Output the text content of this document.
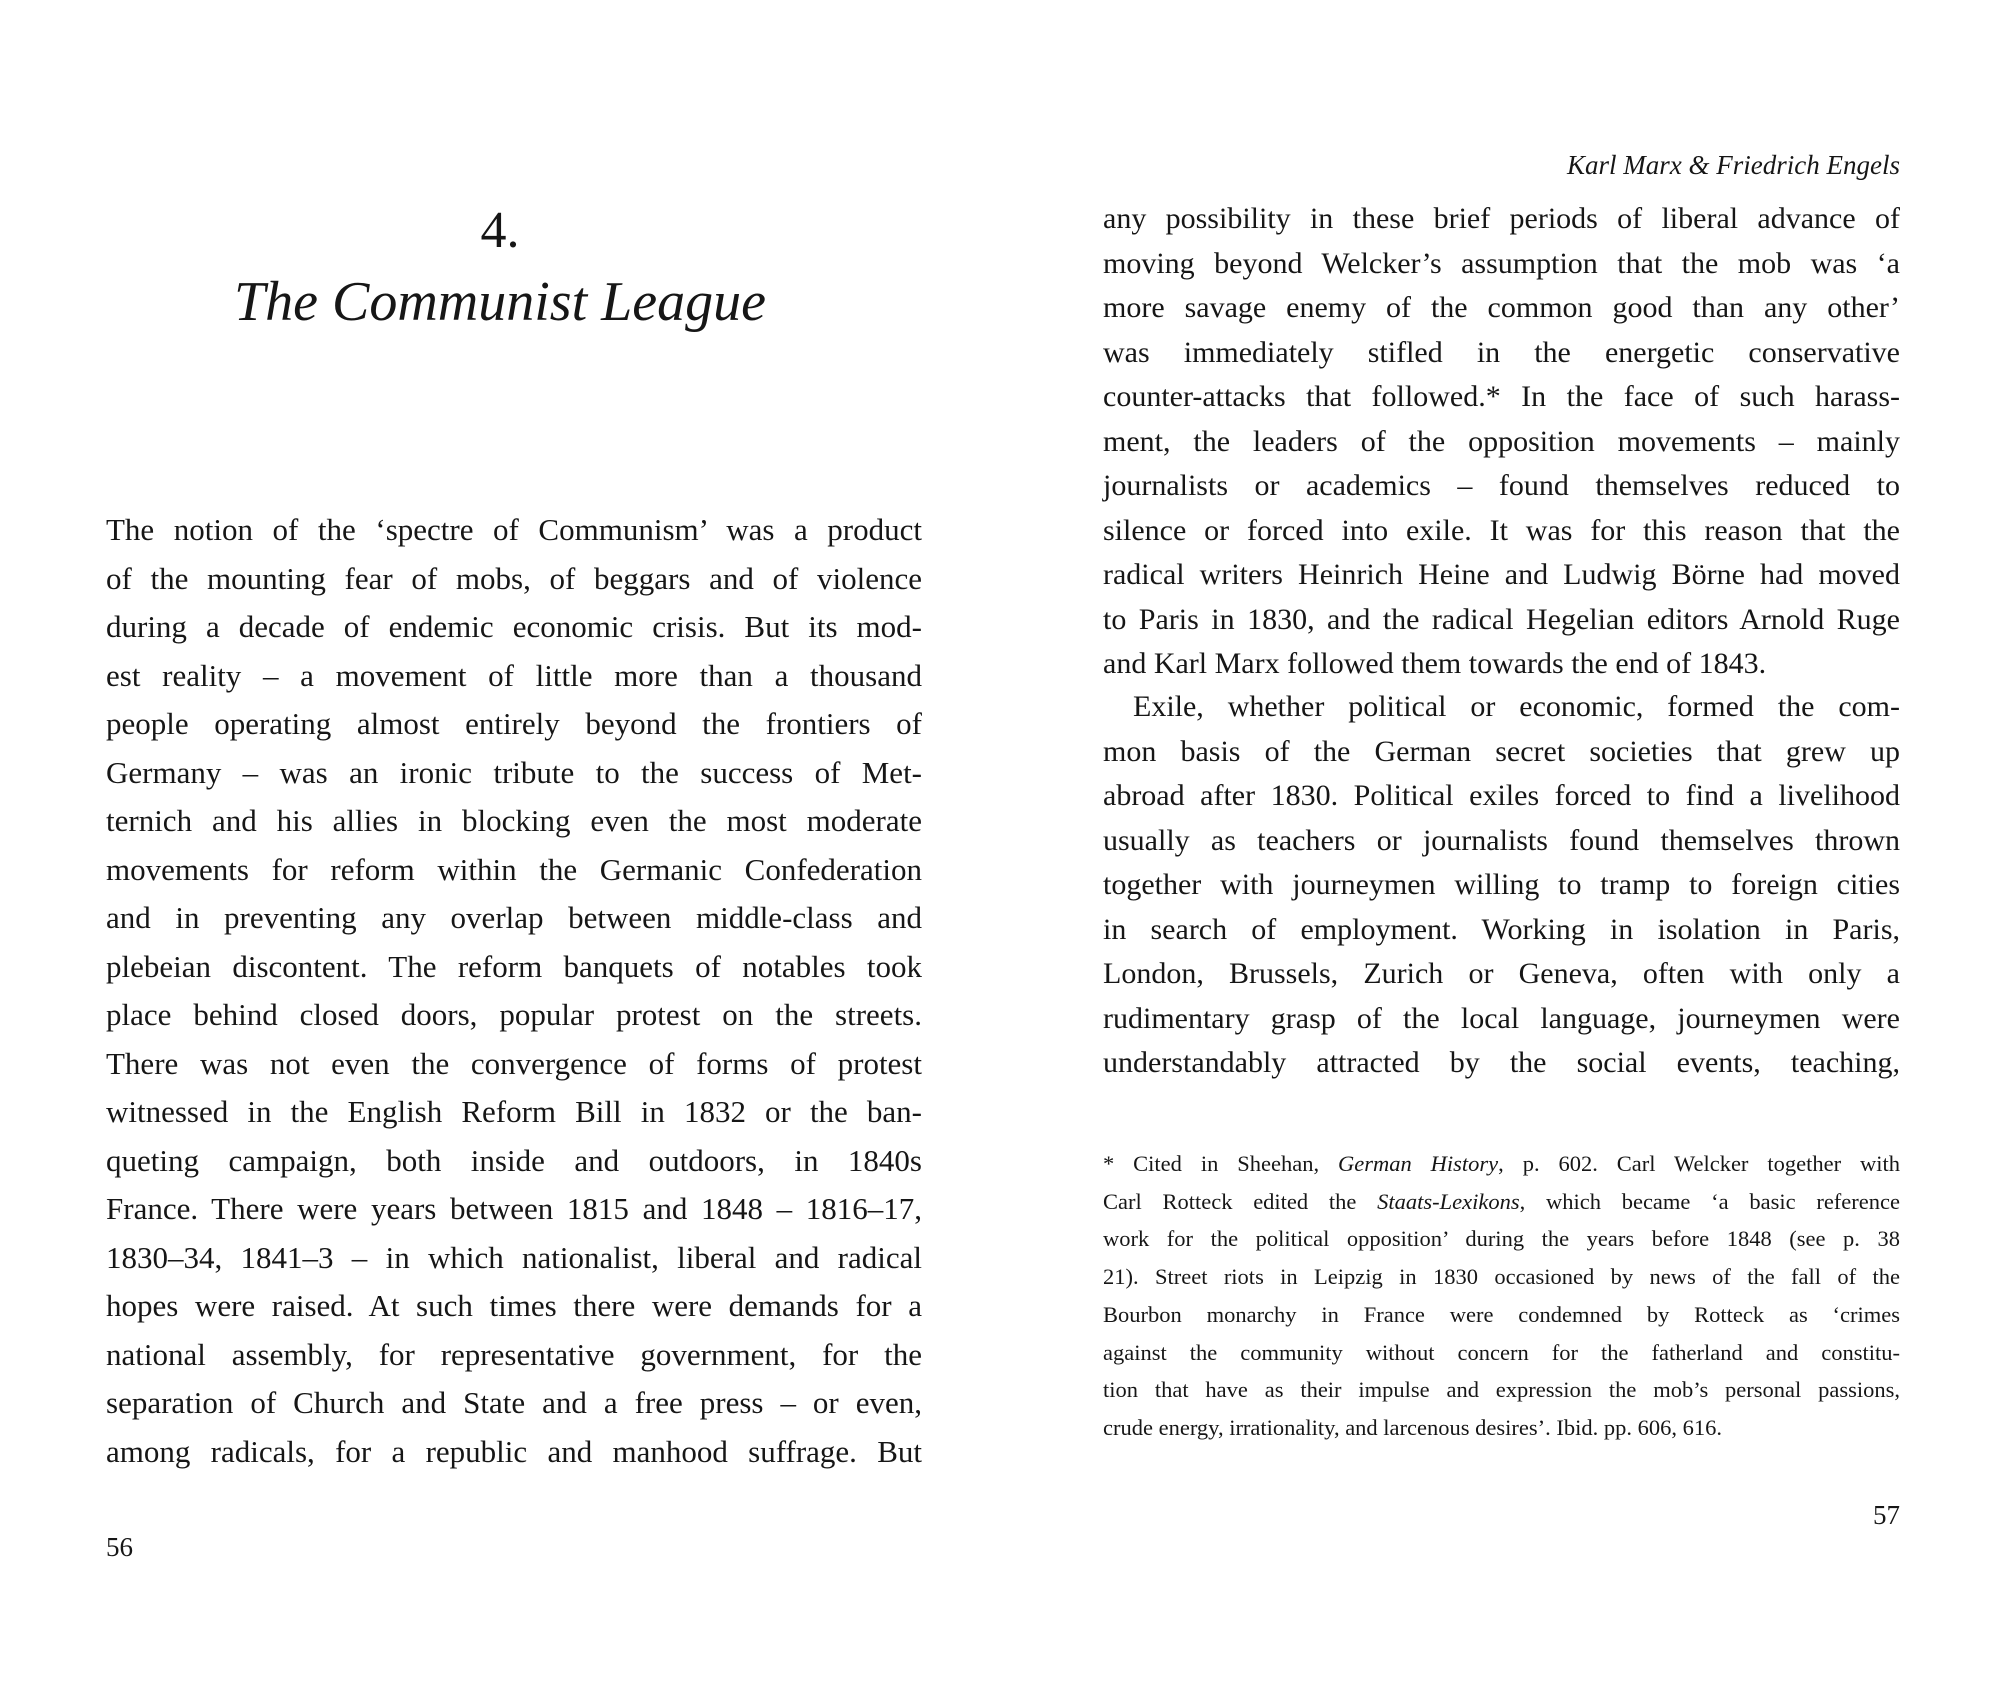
4.
The Communist League

The notion of the ‘spectre of Communism’ was a product
of the mounting fear of mobs, of beggars and of violence
during a decade of endemic economic crisis. But its mod-
est reality – a movement of little more than a thousand
people operating almost entirely beyond the frontiers of
Germany – was an ironic tribute to the success of Met-
ternich and his allies in blocking even the most moderate
movements for reform within the Germanic Confederation
and in preventing any overlap between middle-class and
plebeian discontent. The reform banquets of notables took
place behind closed doors, popular protest on the streets.
There was not even the convergence of forms of protest
witnessed in the English Reform Bill in 1832 or the ban-
queting campaign, both inside and outdoors, in 1840s
France. There were years between 1815 and 1848 – 1816–17,
1830–34, 1841–3 – in which nationalist, liberal and radical
hopes were raised. At such times there were demands for a
national assembly, for representative government, for the
separation of Church and State and a free press – or even,
among radicals, for a republic and manhood suffrage. But

56
Karl Marx & Friedrich Engels

any possibility in these brief periods of liberal advance of
moving beyond Welcker’s assumption that the mob was ‘a
more savage enemy of the common good than any other’
was immediately stifled in the energetic conservative
counter-attacks that followed.* In the face of such harass-
ment, the leaders of the opposition movements – mainly
journalists or academics – found themselves reduced to
silence or forced into exile. It was for this reason that the
radical writers Heinrich Heine and Ludwig Börne had moved
to Paris in 1830, and the radical Hegelian editors Arnold Ruge
and Karl Marx followed them towards the end of 1843.

Exile, whether political or economic, formed the com-
mon basis of the German secret societies that grew up
abroad after 1830. Political exiles forced to find a livelihood
usually as teachers or journalists found themselves thrown
together with journeymen willing to tramp to foreign cities
in search of employment. Working in isolation in Paris,
London, Brussels, Zurich or Geneva, often with only a
rudimentary grasp of the local language, journeymen were
understandably attracted by the social events, teaching,

* Cited in Sheehan, German History, p. 602. Carl Welcker together with
Carl Rotteck edited the Staats-Lexikons, which became ‘a basic reference
work for the political opposition’ during the years before 1848 (see p. 38
21). Street riots in Leipzig in 1830 occasioned by news of the fall of the
Bourbon monarchy in France were condemned by Rotteck as ‘crimes
against the community without concern for the fatherland and constitu-
tion that have as their impulse and expression the mob’s personal passions,
crude energy, irrationality, and larcenous desires’. Ibid. pp. 606, 616.

57
